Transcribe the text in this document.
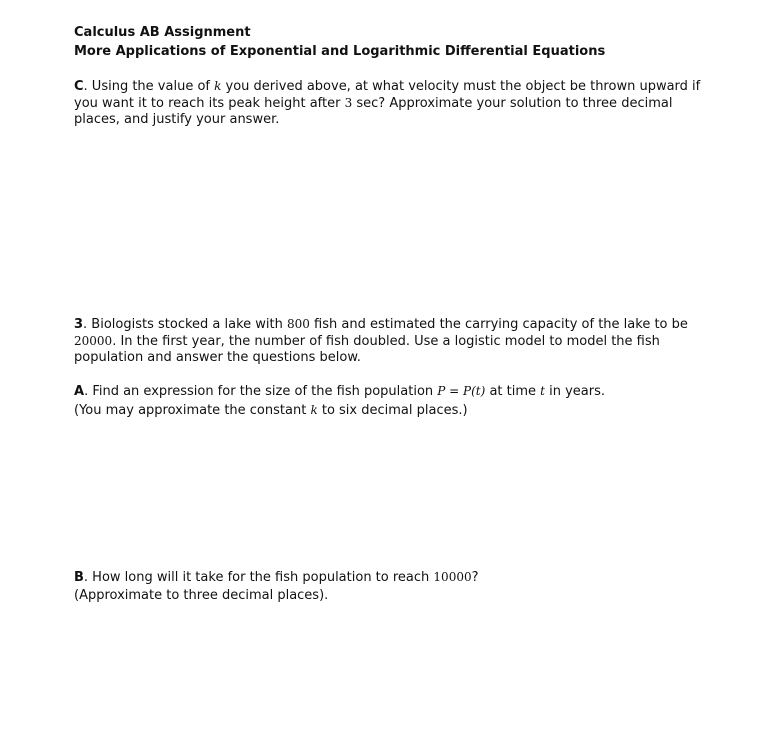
Calculus AB Assignment
More Applications of Exponential and Logarithmic Differential Equations

C. Using the value of k you derived above, at what velocity must the object be thrown upward if you want it to reach its peak height after 3 sec? Approximate your solution to three decimal places, and justify your answer.

3. Biologists stocked a lake with 800 fish and estimated the carrying capacity of the lake to be 20000. In the first year, the number of fish doubled. Use a logistic model to model the fish population and answer the questions below.

A. Find an expression for the size of the fish population P = P(t) at time t in years.

(You may approximate the constant k to six decimal places.)

B. How long will it take for the fish population to reach 10000?

(Approximate to three decimal places).
